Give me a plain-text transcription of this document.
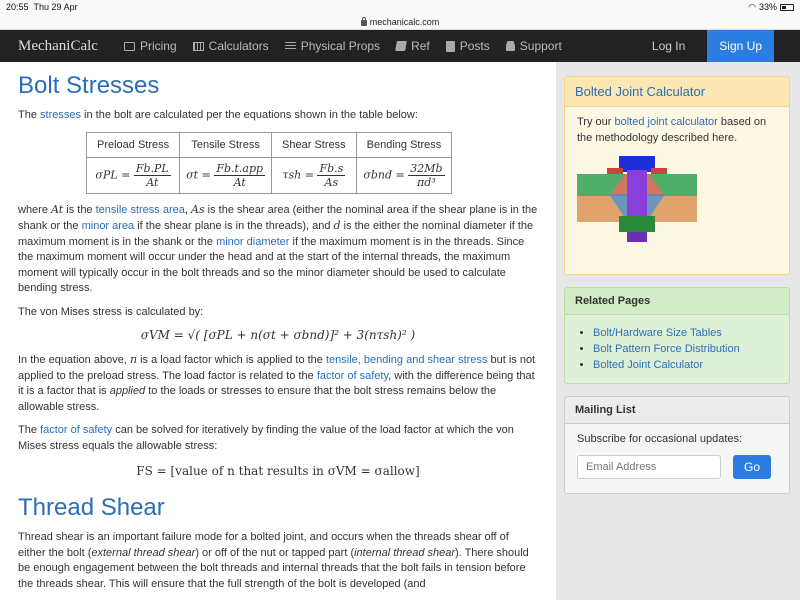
20:55 Thu 29 Apr	◠ 33%
mechanicalc.com
MechaniCalc	Pricing	Calculators	Physical Props	Ref	Posts	Support	Log In	Sign Up
Bolt Stresses

The stresses in the bolt are calculated per the equations shown in the table below:

Preload Stress	Tensile Stress	Shear Stress	Bending Stress
$\sigma PL = \frac{Fb.PL}{At}$	$\sigma t = \frac{\text{Fb.t.app}}{At}$	$\tau sh = \frac{Fb.s}{As}$	$\sigma bnd = \frac{32Mb}{\text{πd³}}$

where At is the tensile stress area, As is the shear area (either the nominal area if the shear plane is in the shank or the minor area if the shear plane is in the threads), and d is the either the nominal diameter if the maximum moment is in the shank or the minor diameter if the maximum moment is in the threads. Since the maximum moment will occur under the head and at the start of the internal threads, the maximum moment will typically occur in the bolt threads and so the minor diameter should be used to calculate bending stress.

The von Mises stress is calculated by:

σVM = √( [σPL + n(σt + σbnd)]² + 3(nτsh)² )

In the equation above, n is a load factor which is applied to the tensile, bending and shear stress but is not applied to the preload stress. The load factor is related to the factor of safety, with the difference being that it is a factor that is applied to the loads or stresses to ensure that the bolt stress remains below the allowable stress.

The factor of safety can be solved for iteratively by finding the value of the load factor at which the von Mises stress equals the allowable stress:

FS = [value of n that results in σVM = σallow]
Thread Shear

Thread shear is an important failure mode for a bolted joint, and occurs when the threads shear off of either the bolt (external thread shear) or off of the nut or tapped part (internal thread shear). There should be enough engagement between the bolt threads and internal threads that the bolt fails in tension before the threads shear. This will ensure that the full strength of the bolt is developed (and

Bolted Joint Calculator
Try our bolted joint calculator based on the methodology described here.
Related Pages
• Bolt/Hardware Size Tables
• Bolt Pattern Force Distribution
• Bolted Joint Calculator
Mailing List
Subscribe for occasional updates:
Email Address
Go
